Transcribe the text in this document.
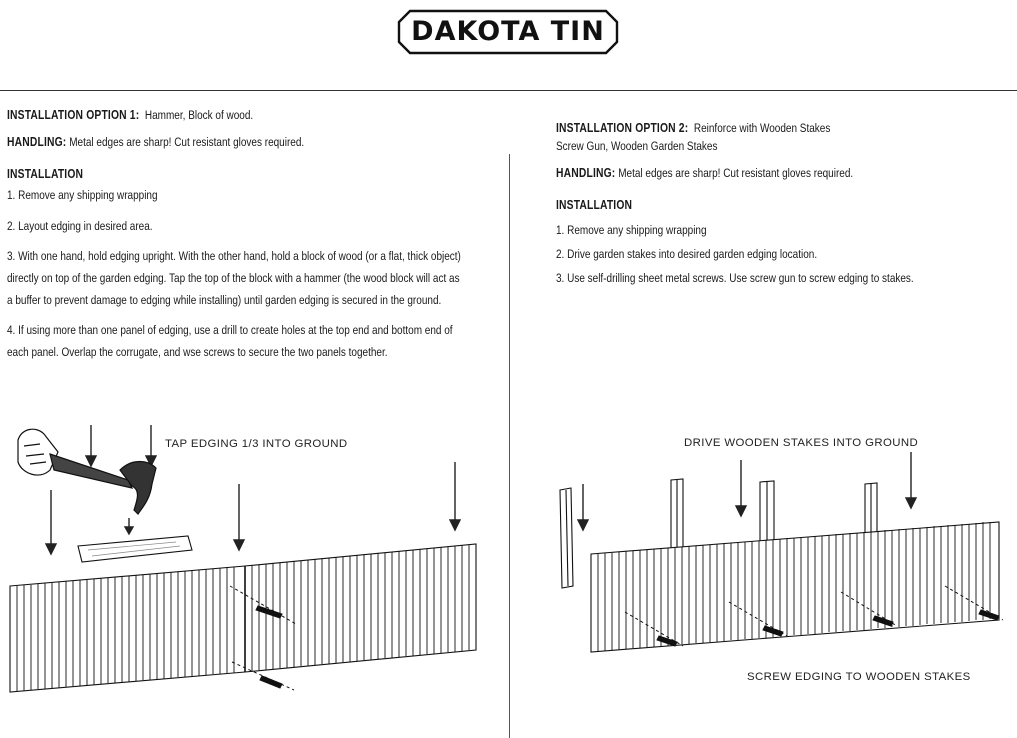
DAKOTA TIN
INSTALLATION OPTION 1: Hammer, Block of wood.
HANDLING: Metal edges are sharp! Cut resistant gloves required.
INSTALLATION
1. Remove any shipping wrapping
2. Layout edging in desired area.
3. With one hand, hold edging upright. With the other hand, hold a block of wood (or a flat, thick object)
directly on top of the garden edging. Tap the top of the block with a hammer (the wood block will act as
a buffer to prevent damage to edging while installing) until garden edging is secured in the ground.
4. If using more than one panel of edging, use a drill to create holes at the top end and bottom end of
each panel. Overlap the corrugate, and wse screws to secure the two panels together.
TAP EDGING 1/3 INTO GROUND
INSTALLATION OPTION 2: Reinforce with Wooden Stakes
Screw Gun, Wooden Garden Stakes
HANDLING: Metal edges are sharp! Cut resistant gloves required.
INSTALLATION
1. Remove any shipping wrapping
2. Drive garden stakes into desired garden edging location.
3. Use self-drilling sheet metal screws. Use screw gun to screw edging to stakes.
DRIVE WOODEN STAKES INTO GROUND
SCREW EDGING TO WOODEN STAKES
